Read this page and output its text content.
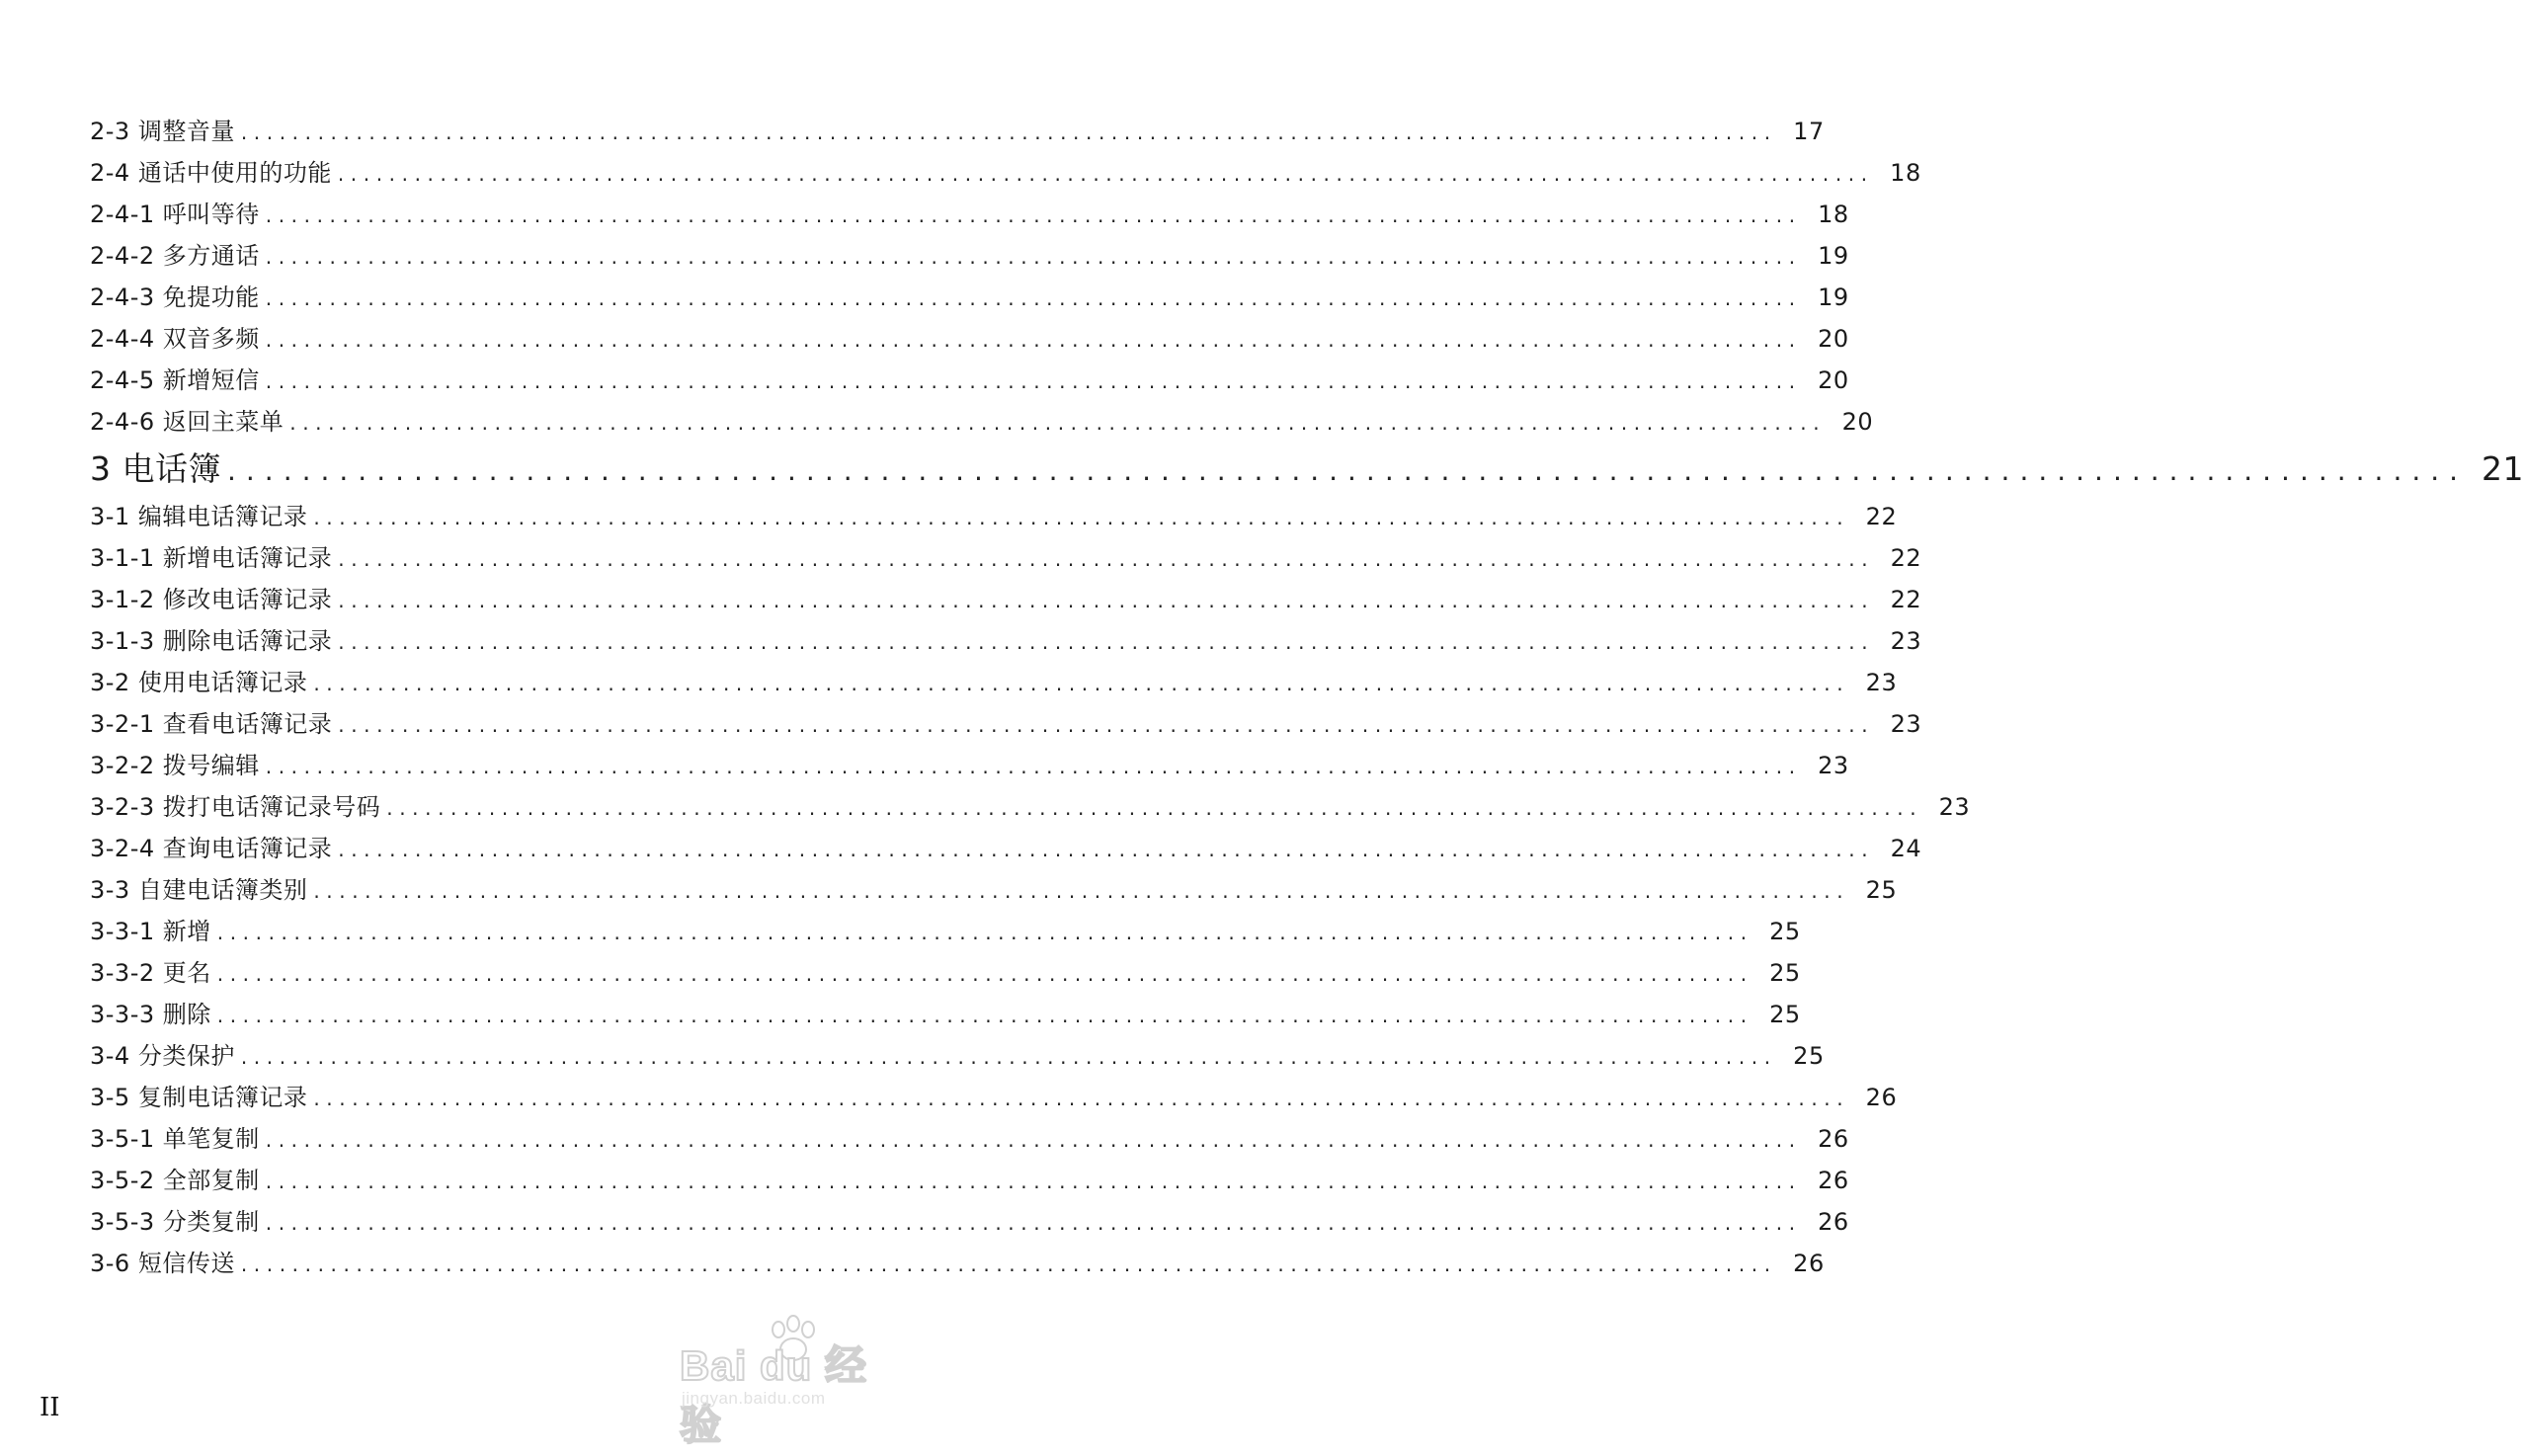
2-3 调整音量 ........................................................................................................................ 17
2-4 通话中使用的功能 ........................................................................................................................ 18
2-4-1 呼叫等待 ........................................................................................................................ 18
2-4-2 多方通话 ........................................................................................................................ 19
2-4-3 免提功能 ........................................................................................................................ 19
2-4-4 双音多频 ........................................................................................................................ 20
2-4-5 新增短信 ........................................................................................................................ 20
2-4-6 返回主菜单 ........................................................................................................................ 20
3 电话簿 ........................................................................................................................ 21
3-1 编辑电话簿记录 ........................................................................................................................ 22
3-1-1 新增电话簿记录 ........................................................................................................................ 22
3-1-2 修改电话簿记录 ........................................................................................................................ 22
3-1-3 删除电话簿记录 ........................................................................................................................ 23
3-2 使用电话簿记录 ........................................................................................................................ 23
3-2-1 查看电话簿记录 ........................................................................................................................ 23
3-2-2 拨号编辑 ........................................................................................................................ 23
3-2-3 拨打电话簿记录号码 ........................................................................................................................ 23
3-2-4 查询电话簿记录 ........................................................................................................................ 24
3-3 自建电话簿类别 ........................................................................................................................ 25
3-3-1 新增 ........................................................................................................................ 25
3-3-2 更名 ........................................................................................................................ 25
3-3-3 删除 ........................................................................................................................ 25
3-4 分类保护 ........................................................................................................................ 25
3-5 复制电话簿记录 ........................................................................................................................ 26
3-5-1 单笔复制 ........................................................................................................................ 26
3-5-2 全部复制 ........................................................................................................................ 26
3-5-3 分类复制 ........................................................................................................................ 26
3-6 短信传送 ........................................................................................................................ 26
II
Bai du 经验
jingyan.baidu.com
